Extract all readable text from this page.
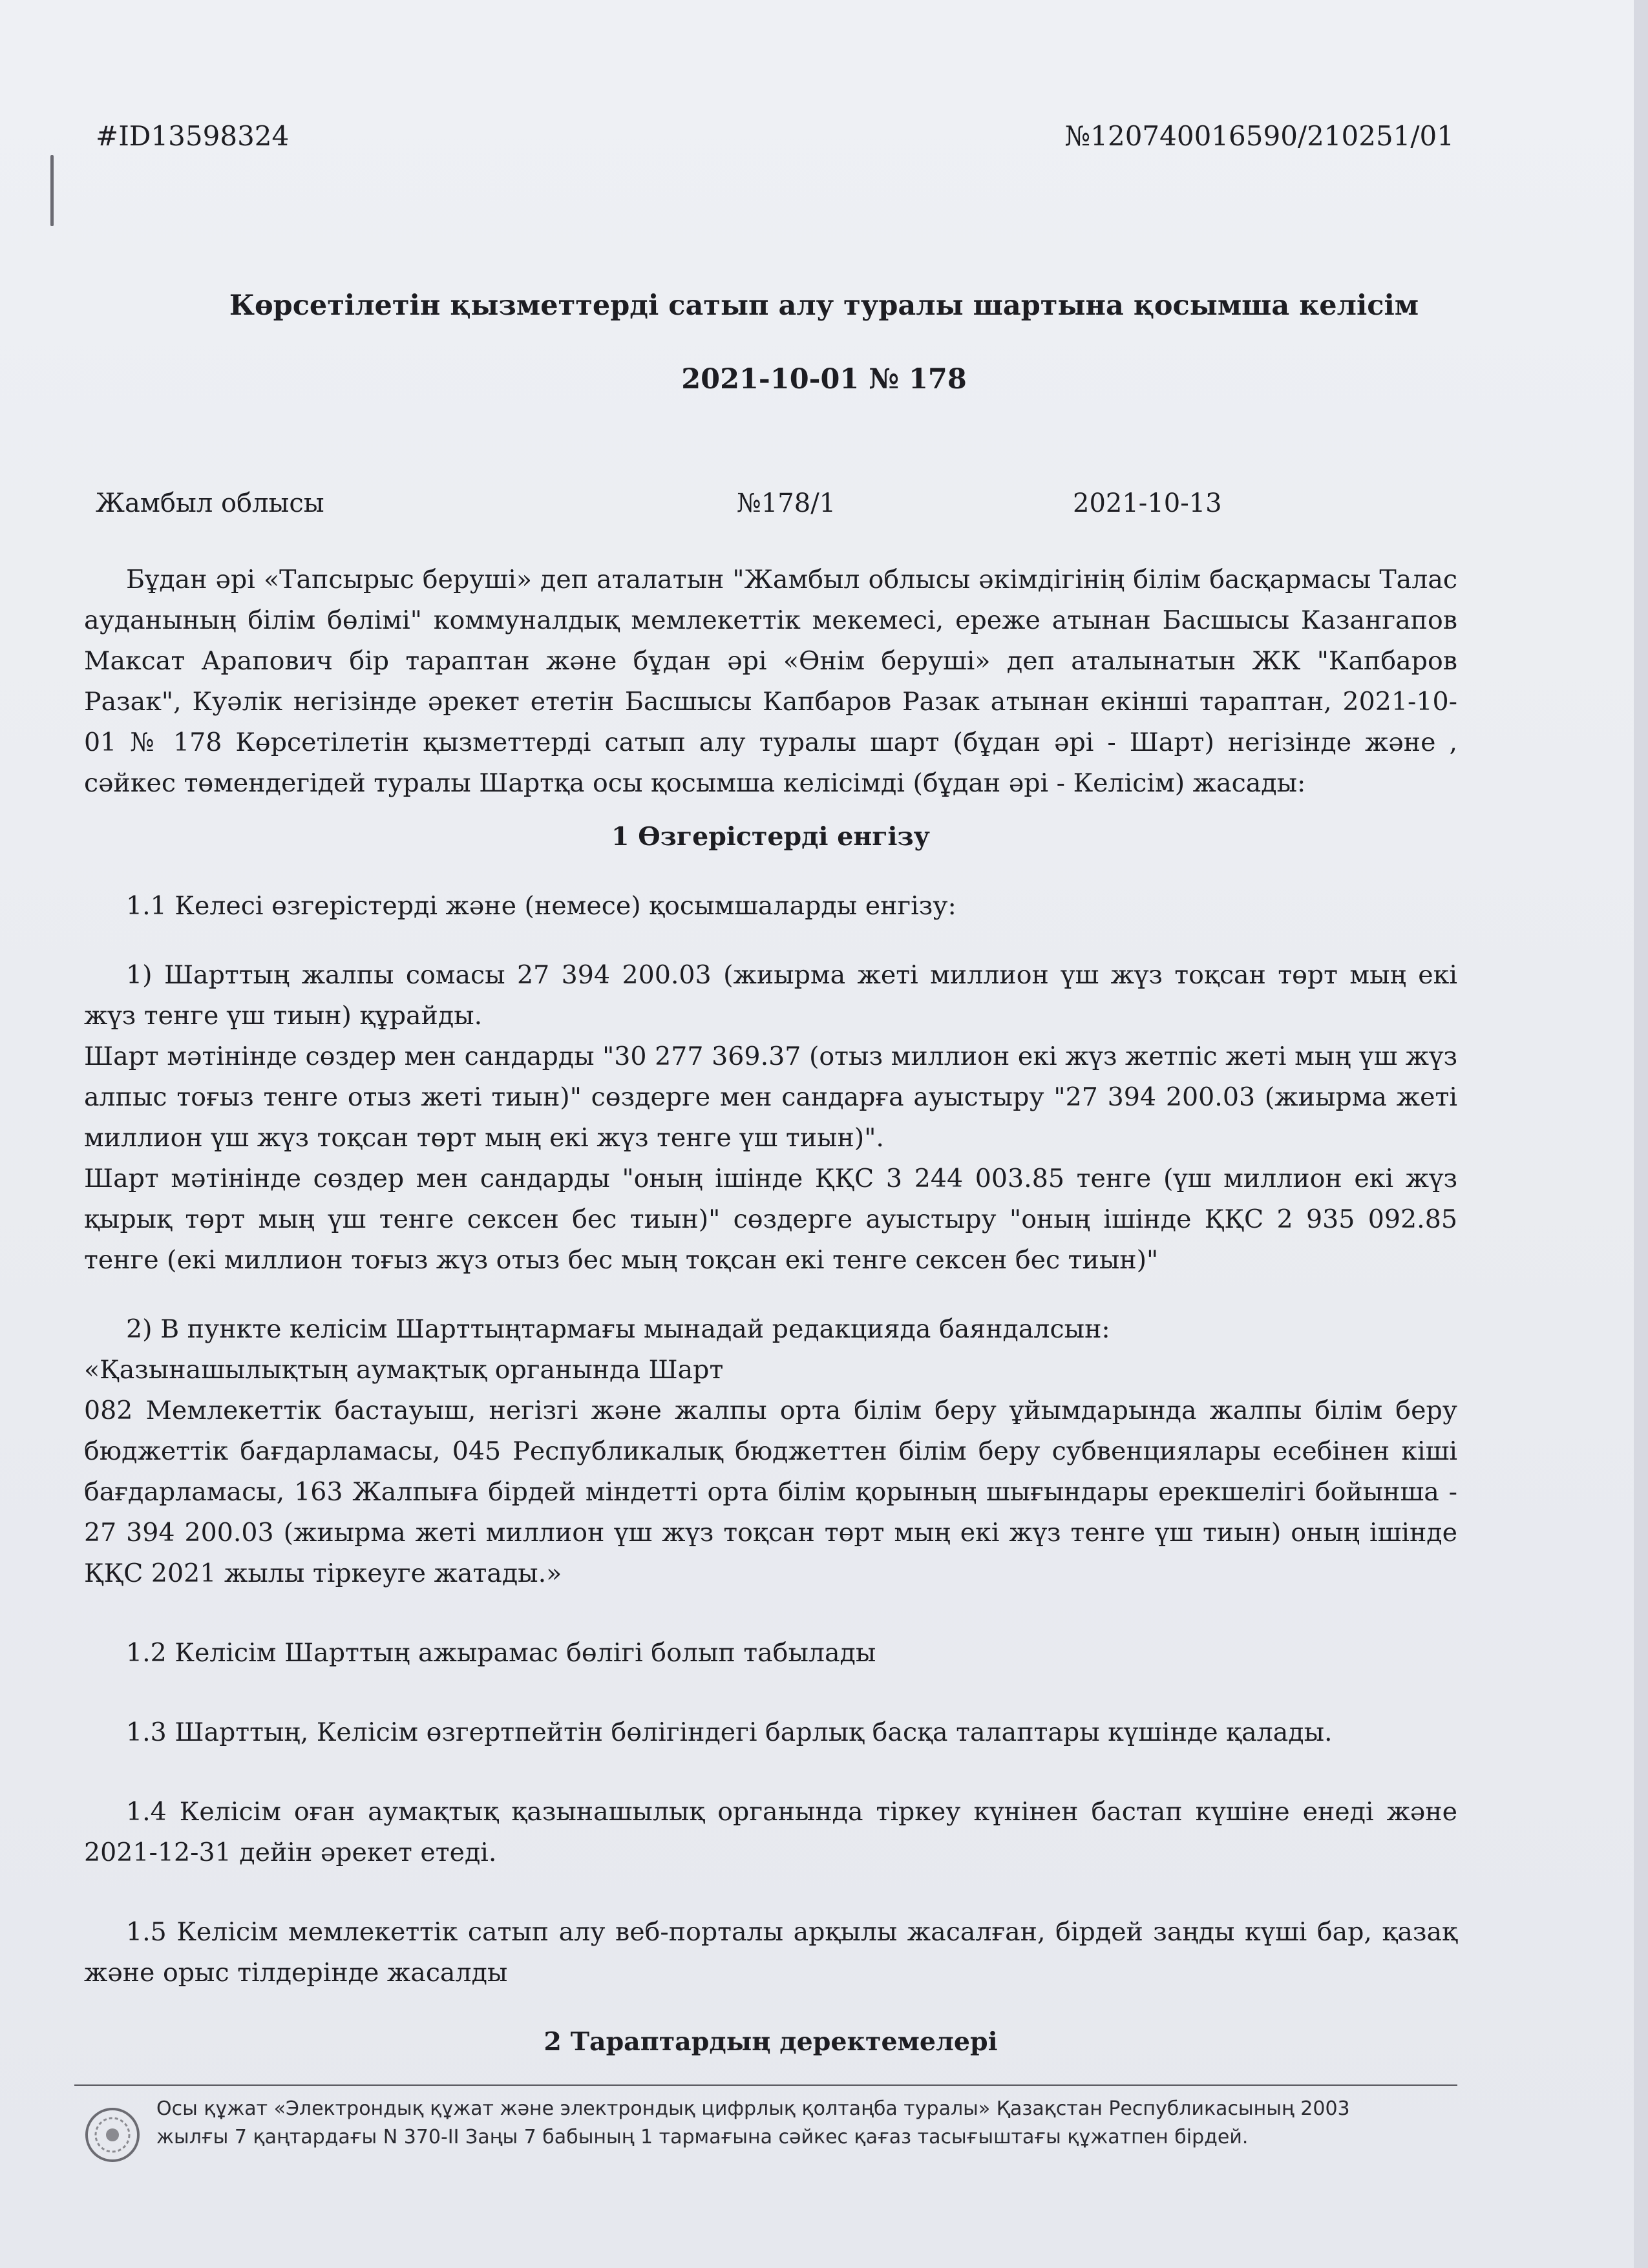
#ID13598324	№120740016590/210251/01
Көрсетілетін қызметтерді сатып алу туралы шартына қосымша келісім
2021-10-01 № 178
Жамбыл облысы	№178/1	2021-10-13

Бұдан әрі «Тапсырыс беруші» деп аталатын "Жамбыл облысы әкімдігінің білім басқармасы Талас ауданының білім бөлімі" коммуналдық мемлекеттік мекемесі, ереже атынан Басшысы Казангапов Максат Арапович бір тараптан және бұдан әрі «Өнім беруші» деп аталынатын ЖК "Капбаров Разак", Куәлік негізінде әрекет ететін Басшысы Капбаров Разак атынан екінші тараптан, 2021-10-01 № 178 Көрсетілетін қызметтерді сатып алу туралы шарт (бұдан әрі - Шарт) негізінде және , сәйкес төмендегідей туралы Шартқа осы қосымша келісімді (бұдан әрі - Келісім) жасады:

1 Өзгерістерді енгізу

1.1 Келесі өзгерістерді және (немесе) қосымшаларды енгізу:

1) Шарттың жалпы сомасы 27 394 200.03 (жиырма жеті миллион үш жүз тоқсан төрт мың екі жүз тенге үш тиын) құрайды.

Шарт мәтінінде сөздер мен сандарды "30 277 369.37 (отыз миллион екі жүз жетпіс жеті мың үш жүз алпыс тоғыз тенге отыз жеті тиын)" сөздерге мен сандарға ауыстыру "27 394 200.03 (жиырма жеті миллион үш жүз тоқсан төрт мың екі жүз тенге үш тиын)".

Шарт мәтінінде сөздер мен сандарды "оның ішінде ҚҚС 3 244 003.85 тенге (үш миллион екі жүз қырық төрт мың үш тенге сексен бес тиын)" сөздерге ауыстыру "оның ішінде ҚҚС 2 935 092.85 тенге (екі миллион тоғыз жүз отыз бес мың тоқсан екі тенге сексен бес тиын)"

2) В пункте келісім Шарттыңтармағы мынадай редакцияда баяндалсын:

«Қазынашылықтың аумақтық органында Шарт

082 Мемлекеттік бастауыш, негізгі және жалпы орта білім беру ұйымдарында жалпы білім беру бюджеттік бағдарламасы, 045 Республикалық бюджеттен білім беру субвенциялары есебінен кіші бағдарламасы, 163 Жалпыға бірдей міндетті орта білім қорының шығындары ерекшелігі бойынша - 27 394 200.03 (жиырма жеті миллион үш жүз тоқсан төрт мың екі жүз тенге үш тиын) оның ішінде ҚҚС 2021 жылы тіркеуге жатады.»

1.2 Келісім Шарттың ажырамас бөлігі болып табылады

1.3 Шарттың, Келісім өзгертпейтін бөлігіндегі барлық басқа талаптары күшінде қалады.

1.4 Келісім оған аумақтық қазынашылық органында тіркеу күнінен бастап күшіне енеді және 2021-12-31 дейін әрекет етеді.

1.5 Келісім мемлекеттік сатып алу веб-порталы арқылы жасалған, бірдей заңды күші бар, қазақ және орыс тілдерінде жасалды

2 Тараптардың деректемелері

Осы құжат «Электрондық құжат және электрондық цифрлық қолтаңба туралы» Қазақстан Республикасының 2003 жылғы 7 қаңтардағы N 370-II Заңы 7 бабының 1 тармағына сәйкес қағаз тасығыштағы құжатпен бірдей.
